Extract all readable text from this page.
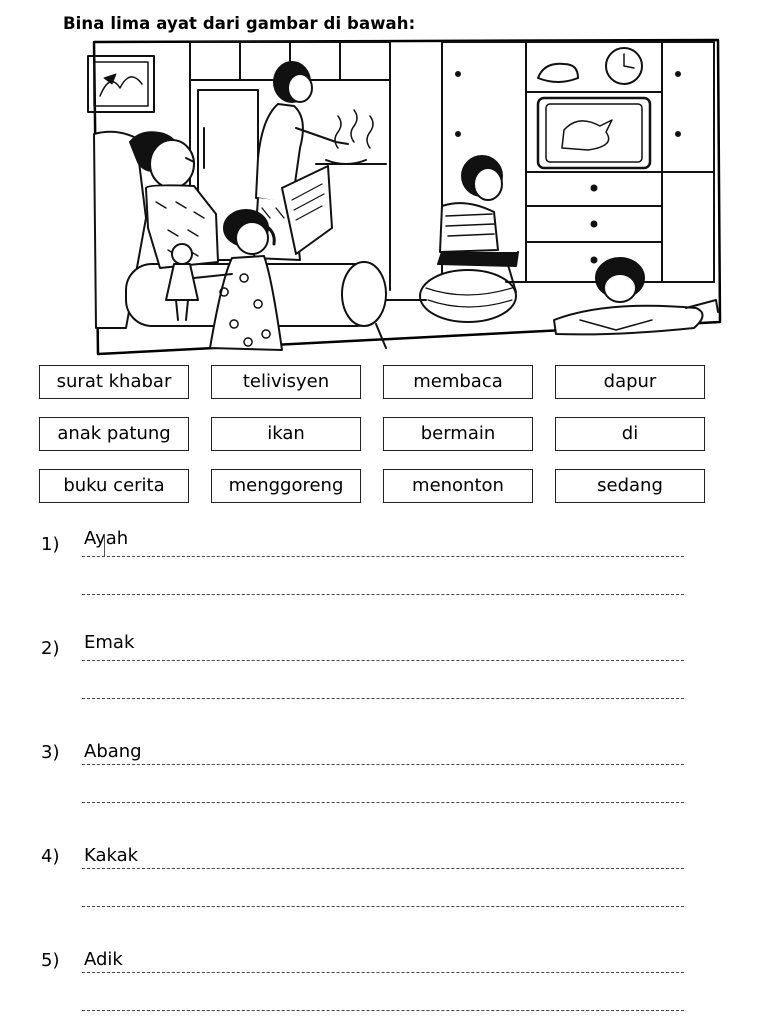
Bina lima ayat dari gambar di bawah:
surat khabar	telivisyen	membaca	dapur
anak patung	ikan	bermain	di
buku cerita	menggoreng	menonton	sedang
1) Ayah
2) Emak
3) Abang
4) Kakak
5) Adik
